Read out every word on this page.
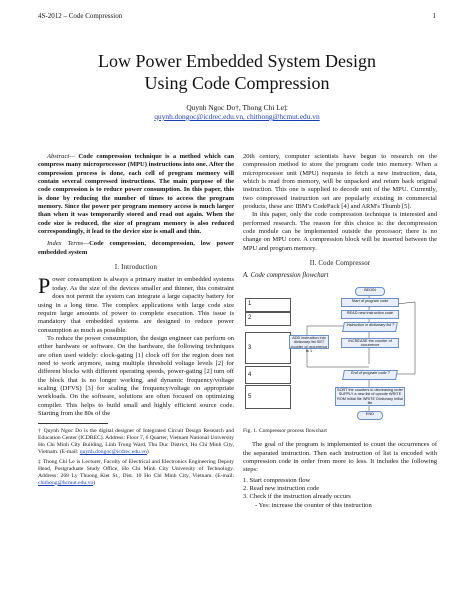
4S-2012 – Code Compression	1
Low Power Embedded System Design
Using Code Compression
Quynh Ngoc Do†, Thong Chi Le‡
quynh.dongoc@icdrec.edu.vn, chithong@hcmut.edu.vn

Abstract— Code compression technique is a method which can compress many microprocessor (MPU) instructions into one. After the compression process is done, each cell of program memory will contain several compressed instructions. The main purpose of the code compression is to reduce power consumption. In this paper, this is done by reducing the number of times to access the program memory. Since the power per program memory access is much larger than when it was temporarily stored and read out again. When the code size is reduced, the size of program memory is also reduced correspondingly, it lead to the device size is small and thin.

Index Terms—Code compression, decompression, low power embedded system

I. Introduction

Power consumption is always a primary matter in embedded systems today. As the size of the devices smaller and thinner, this constraint does not permit the system can integrate a large capacity battery for using in a long time. The complex applications with large code size require large amounts of power to complete execution. This issue is mandatory that embedded systems are designed to reduce power consumption as much as possible.

To reduce the power consumption, the design engineer can perform on either hardware or software. On the hardware, the following techniques are often used widely: clock-gating [1] clock off for the region does not need to work anymore, using multiple threshold voltage levels [2] for different blocks with different operating speeds, power-gating [2] turn off the block that is no longer working, and dynamic frequency/voltage scaling (DFVS) [3] for scaling the frequency/voltage on appropriate workloads. On the software, solutions are often focused on optimizing compiler. This helps to build small and highly efficient source code. Starting from the 80s of the

† Quynh Ngoc Do is the digital designer of Integrated Circuit Design Research and Education Center (ICDREC). Address: Floor 7, 6 Quarter, Vietnam National University Ho Chi Minh City Building, Linh Trung Ward, Thu Duc District, Ho Chi Minh City, Vietnam. (E-mail: quynh.dongoc@icdrec.edu.vn)

‡ Thong Chi Le is Lecturer, Faculty of Electrical and Electronics Engineering Deputy Head, Postgraduate Study Office, Ho Chi Minh City University of Technology. Address: 268 Ly Thuong Kiet St., Dist. 10 Ho Chi Minh City, Vietnam. (E-mail: chithong@hcmut.edu.vn)

20th century, computer scientists have begun to research on the compression method to store the program code into memory. When a microprocessor unit (MPU) requests to fetch a new instruction, data, which is read from memory, will be unpacked and return back original instruction. This one is supplied to decode unit of the MPU. Currently, two compressed instruction set are popularly existing in commercial products, these are: IBM's CodePack [4] and ARM's Thumb [5].

In this paper, only the code compression technique is interested and performed research. The reason for this choice is: the decompression code module can be implemented outside the processor; there is no change on MPU core. A compression block will be inserted between the MPU and program memory.

II. Code Compressor
A. Code compression flowchart
1
2
3
4
5
BEGIN
Start of program code
READ new instruction code
Instruction in dictionary list ?
ADD instruction into dictionary list SET counter of occurrence to 1
INCREASE the counter of occurrence
End of program code ?
SORT the counters in decreasing order SUPPLY a new list of opcode WRITE ROM Initial file WRITE Dictionary Initial file
END
Fig. 1. Compressor process flowchart

The goal of the program is implemented to count the occurrences of the separated instruction. Then each instruction of list is encoded with compression code in order from more to less. It includes the following steps:

1. Start compression flow
2. Read new instruction code
3. Check if the instruction already occurs
- Yes: increase the counter of this instruction
